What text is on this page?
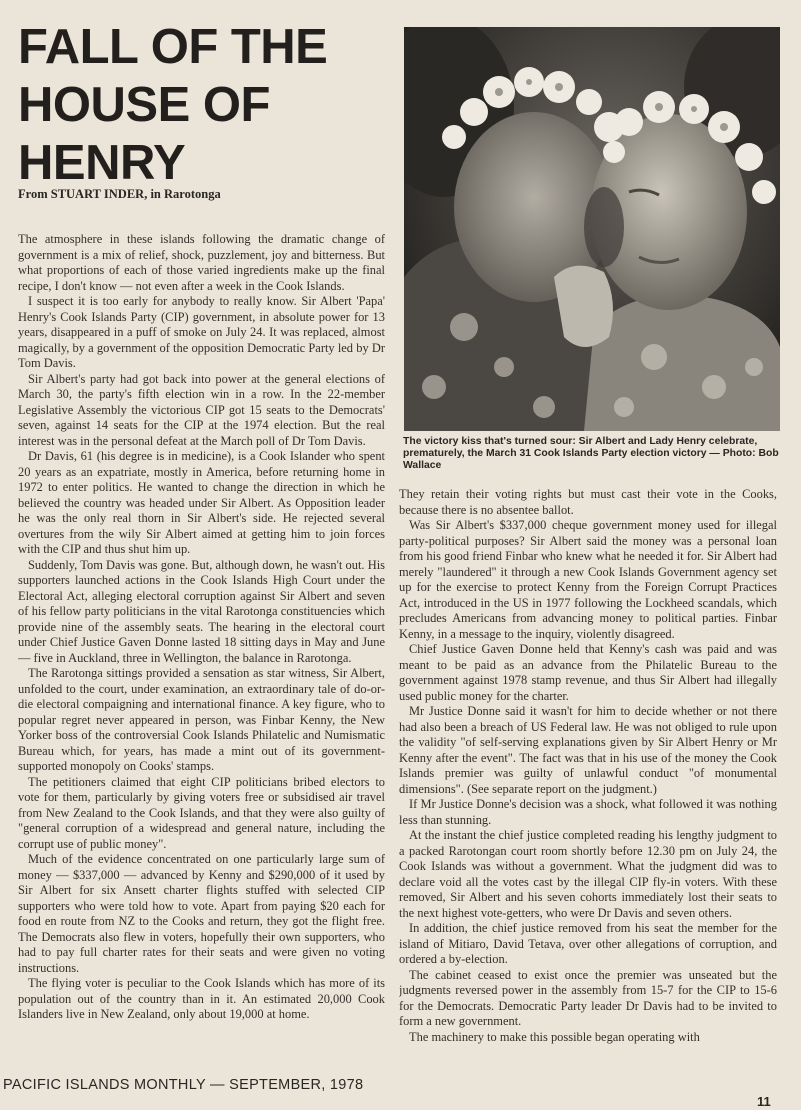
FALL OF THE HOUSE OF HENRY

From STUART INDER, in Rarotonga

The atmosphere in these islands following the dramatic change of government is a mix of relief, shock, puzzlement, joy and bitterness. But what proportions of each of those varied ingredients make up the final recipe, I don't know — not even after a week in the Cook Islands.

I suspect it is too early for anybody to really know. Sir Albert 'Papa' Henry's Cook Islands Party (CIP) government, in absolute power for 13 years, disappeared in a puff of smoke on July 24. It was replaced, almost magically, by a government of the opposition Democratic Party led by Dr Tom Davis.

Sir Albert's party had got back into power at the general elections of March 30, the party's fifth election win in a row. In the 22-member Legislative Assembly the victorious CIP got 15 seats to the Democrats' seven, against 14 seats for the CIP at the 1974 election. But the real interest was in the personal defeat at the March poll of Dr Tom Davis.

Dr Davis, 61 (his degree is in medicine), is a Cook Islander who spent 20 years as an expatriate, mostly in America, before returning home in 1972 to enter politics. He wanted to change the direction in which he believed the country was headed under Sir Albert. As Opposition leader he was the only real thorn in Sir Albert's side. He rejected several overtures from the wily Sir Albert aimed at getting him to join forces with the CIP and thus shut him up.

Suddenly, Tom Davis was gone. But, although down, he wasn't out. His supporters launched actions in the Cook Islands High Court under the Electoral Act, alleging electoral corruption against Sir Albert and seven of his fellow party politicians in the vital Rarotonga constituencies which provide nine of the assembly seats. The hearing in the electoral court under Chief Justice Gaven Donne lasted 18 sitting days in May and June — five in Auckland, three in Wellington, the balance in Rarotonga.

The Rarotonga sittings provided a sensation as star witness, Sir Albert, unfolded to the court, under examination, an extraordinary tale of do-or-die electoral compaigning and international finance. A key figure, who to popular regret never appeared in person, was Finbar Kenny, the New Yorker boss of the controversial Cook Islands Philatelic and Numismatic Bureau which, for years, has made a mint out of its government-supported monopoly on Cooks' stamps.

The petitioners claimed that eight CIP politicians bribed electors to vote for them, particularly by giving voters free or subsidised air travel from New Zealand to the Cook Islands, and that they were also guilty of "general corruption of a widespread and general nature, including the corrupt use of public money".

Much of the evidence concentrated on one particularly large sum of money — $337,000 — advanced by Kenny and $290,000 of it used by Sir Albert for six Ansett charter flights stuffed with selected CIP supporters who were told how to vote. Apart from paying $20 each for food en route from NZ to the Cooks and return, they got the flight free. The Democrats also flew in voters, hopefully their own supporters, who had to pay full charter rates for their seats and were given no voting instructions.

The flying voter is peculiar to the Cook Islands which has more of its population out of the country than in it. An estimated 20,000 Cook Islanders live in New Zealand, only about 19,000 at home.

The victory kiss that's turned sour: Sir Albert and Lady Henry celebrate, prematurely, the March 31 Cook Islands Party election victory — Photo: Bob Wallace

They retain their voting rights but must cast their vote in the Cooks, because there is no absentee ballot.

Was Sir Albert's $337,000 cheque government money used for illegal party-political purposes? Sir Albert said the money was a personal loan from his good friend Finbar who knew what he needed it for. Sir Albert had merely "laundered" it through a new Cook Islands Government agency set up for the exercise to protect Kenny from the Foreign Corrupt Practices Act, introduced in the US in 1977 following the Lockheed scandals, which precludes Americans from advancing money to political parties. Finbar Kenny, in a message to the inquiry, violently disagreed.

Chief Justice Gaven Donne held that Kenny's cash was paid and was meant to be paid as an advance from the Philatelic Bureau to the government against 1978 stamp revenue, and thus Sir Albert had illegally used public money for the charter.

Mr Justice Donne said it wasn't for him to decide whether or not there had also been a breach of US Federal law. He was not obliged to rule upon the validity "of self-serving explanations given by Sir Albert Henry or Mr Kenny after the event". The fact was that in his use of the money the Cook Islands premier was guilty of unlawful conduct "of monumental dimensions". (See separate report on the judgment.)

If Mr Justice Donne's decision was a shock, what followed it was nothing less than stunning.

At the instant the chief justice completed reading his lengthy judgment to a packed Rarotongan court room shortly before 12.30 pm on July 24, the Cook Islands was without a government. What the judgment did was to declare void all the votes cast by the illegal CIP fly-in voters. With these removed, Sir Albert and his seven cohorts immediately lost their seats to the next highest vote-getters, who were Dr Davis and seven others.

In addition, the chief justice removed from his seat the member for the island of Mitiaro, David Tetava, over other allegations of corruption, and ordered a by-election.

The cabinet ceased to exist once the premier was unseated but the judgments reversed power in the assembly from 15-7 for the CIP to 15-6 for the Democrats. Democratic Party leader Dr Davis had to be invited to form a new government.

The machinery to make this possible began operating with

PACIFIC ISLANDS MONTHLY — SEPTEMBER, 1978

11
